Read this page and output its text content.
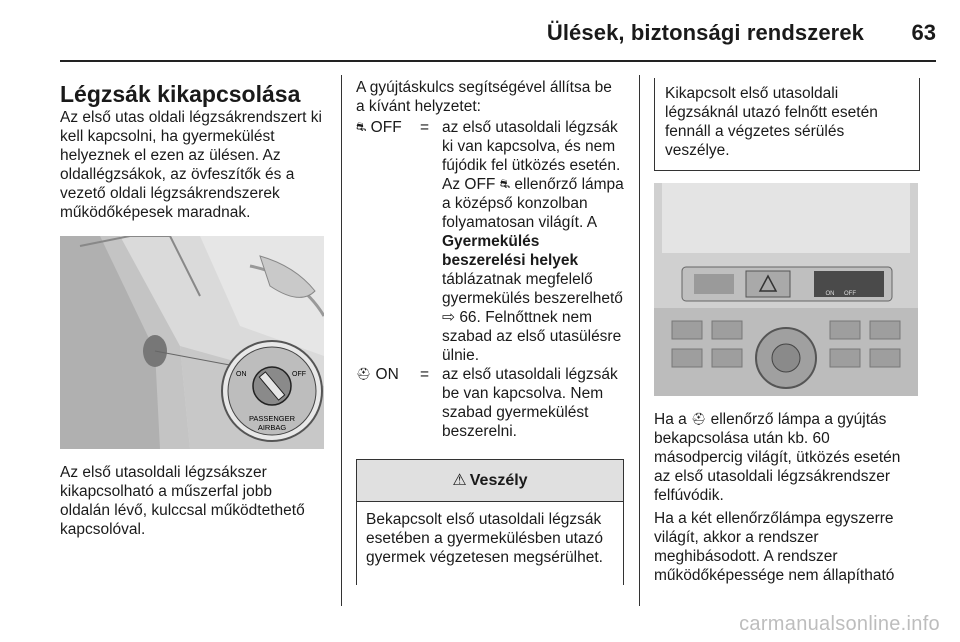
Ülések, biztonsági rendszerek 63
Légzsák kikapcsolása

Az első utas oldali légzsákrendszert ki kell kapcsolni, ha gyermekülést helyeznek el ezen az ülésen. Az oldallégzsákok, az övfeszítők és a vezető oldali légzsákrendszerek működőképesek maradnak.

ON	OFF
PASSENGER
AIRBAG

Az első utasoldali légzsákszer kikapcsolható a műszerfal jobb oldalán lévő, kulccsal működtethető kapcsolóval.

A gyújtáskulcs segítségével állítsa be a kívánt helyzetet:

⛐ OFF	= az első utasoldali légzsák ki van kapcsolva, és nem fújódik fel ütközés esetén. Az OFF ⛐ ellenőrző lámpa a középső konzolban folyamatosan világít. A Gyermekülés beszerelési helyek táblázatnak megfelelő gyermekülés beszerelhető ⇨ 66. Felnőttnek nem szabad az első utasülésre ülnie.
⛑ ON	= az első utasoldali légzsák be van kapcsolva. Nem szabad gyermekülést beszerelni.
⚠ Veszély
Bekapcsolt első utasoldali légzsák esetében a gyermekülésben utazó gyermek végzetesen megsérülhet.
Kikapcsolt első utasoldali légzsáknál utazó felnőtt esetén fennáll a végzetes sérülés veszélye.
ON OFF

Ha a ⛑ ellenőrző lámpa a gyújtás bekapcsolása után kb. 60 másodpercig világít, ütközés esetén az első utasoldali légzsákrendszer felfúvódik.

Ha a két ellenőrzőlámpa egyszerre világít, akkor a rendszer meghibásodott. A rendszer működőképessége nem állapítható

carmanualsonline.info
